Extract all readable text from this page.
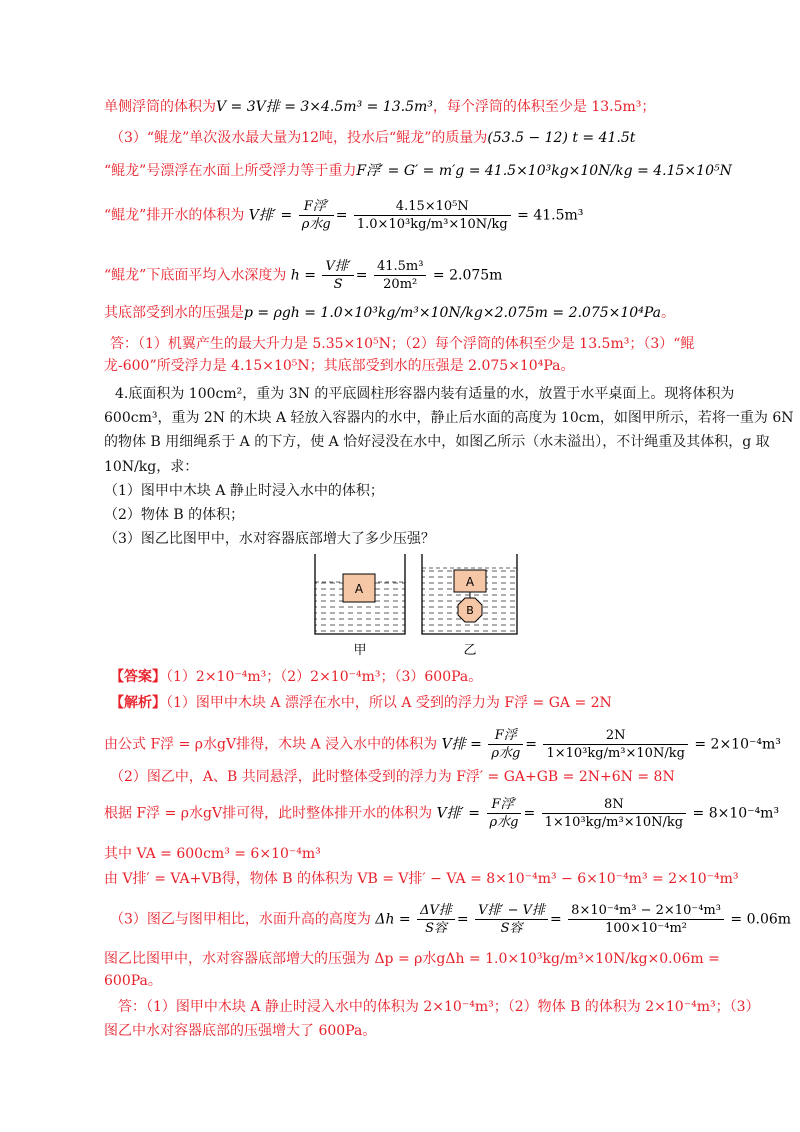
单侧浮筒的体积为V = 3V排 = 3×4.5m³ = 13.5m³，每个浮筒的体积至少是 13.5m³；
（3）“鲲龙”单次汲水最大量为12吨，投水后“鲲龙”的质量为(53.5 − 12) t = 41.5t
“鲲龙”号漂浮在水面上所受浮力等于重力F浮′ = G′ = m′g = 41.5×10³kg×10N/kg = 4.15×10⁵N
“鲲龙”排开水的体积为 V排′ = $\frac{\text{F浮′}}{\text{ρ水g}} = \frac{\text{4.15×10⁵N}}{\text{1.0×10³kg/m³×10N/kg}} = 41.5m^3$
“鲲龙”下底面平均入水深度为 $h = \frac{\text{V排′}}{S} = \frac{\text{41.5m³}}{\text{20m²}} = 2.075m$
其底部受到水的压强是p = ρgh = 1.0×10³kg/m³×10N/kg×2.075m = 2.075×10⁴Pa。
答：（1）机翼产生的最大升力是 5.35×10⁵N；（2）每个浮筒的体积至少是 13.5m³；（3）“鲲
龙-600”所受浮力是 4.15×10⁵N；其底部受到水的压强是 2.075×10⁴Pa。
4.底面积为 100cm²，重为 3N 的平底圆柱形容器内装有适量的水，放置于水平桌面上。现将体积为
600cm³，重为 2N 的木块 A 轻放入容器内的水中，静止后水面的高度为 10cm，如图甲所示，若将一重为 6N
的物体 B 用细绳系于 A 的下方，使 A 恰好浸没在水中，如图乙所示（水未溢出），不计绳重及其体积，g 取
10N/kg，求：
（1）图甲中木块 A 静止时浸入水中的体积；
（2）物体 B 的体积；
（3）图乙比图甲中，水对容器底部增大了多少压强？
A	A
B
甲	乙
【答案】（1）2×10⁻⁴m³；（2）2×10⁻⁴m³；（3）600Pa。
【解析】（1）图甲中木块 A 漂浮在水中，所以 A 受到的浮力为 F浮 = GA = 2N
由公式 F浮 = ρ水gV排得，木块 A 浸入水中的体积为 V排 = $\frac{\text{F浮}}{\text{ρ水g}} = \frac{2N}{\text{1×10³kg/m³×10N/kg}} = 2\times 10^{-4}m^3$
（2）图乙中，A、B 共同悬浮，此时整体受到的浮力为 F浮′ = GA+GB = 2N+6N = 8N
根据 F浮 = ρ水gV排可得，此时整体排开水的体积为 V排′ = $\frac{\text{F浮′}}{\text{ρ水g}} = \frac{8N}{\text{1×10³kg/m³×10N/kg}} = 8\times 10^{-4}m^3$
其中 VA = 600cm³ = 6×10⁻⁴m³
由 V排′ = VA+VB得，物体 B 的体积为 VB = V排′ − VA = 8×10⁻⁴m³ − 6×10⁻⁴m³ = 2×10⁻⁴m³
（3）图乙与图甲相比，水面升高的高度为 $\Delta h = \frac{\text{ΔV排}}{\text{S容}} = \frac{\text{V排′ − V排}}{\text{S容}} = \frac{\text{8×10⁻⁴m³ − 2×10⁻⁴m³}}{\text{100×10⁻⁴m²}} = 0.06m$
图乙比图甲中，水对容器底部增大的压强为 Δp = ρ水gΔh = 1.0×10³kg/m³×10N/kg×0.06m =
600Pa。
答：（1）图甲中木块 A 静止时浸入水中的体积为 2×10⁻⁴m³；（2）物体 B 的体积为 2×10⁻⁴m³；（3）
图乙中水对容器底部的压强增大了 600Pa。
